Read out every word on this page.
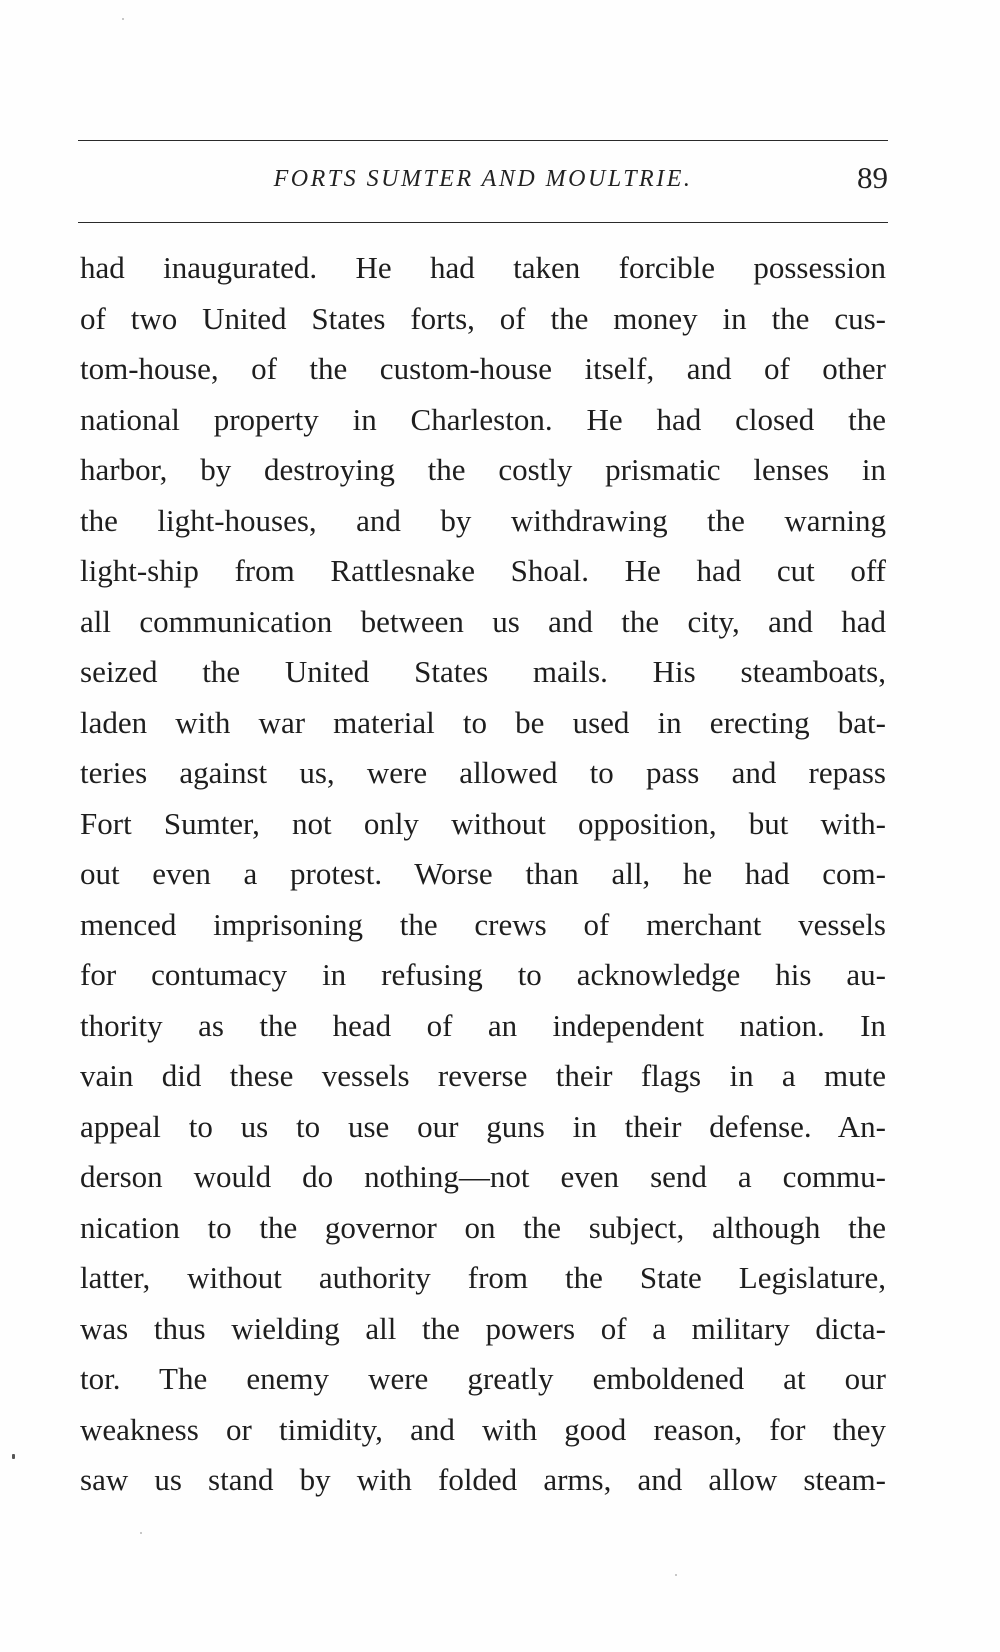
FORTS SUMTER AND MOULTRIE.	89
had inaugurated. He had taken forcible possession
of two United States forts, of the money in the cus-
tom-house, of the custom-house itself, and of other
national property in Charleston. He had closed the
harbor, by destroying the costly prismatic lenses in
the light-houses, and by withdrawing the warning
light-ship from Rattlesnake Shoal. He had cut off
all communication between us and the city, and had
seized the United States mails. His steamboats,
laden with war material to be used in erecting bat-
teries against us, were allowed to pass and repass
Fort Sumter, not only without opposition, but with-
out even a protest. Worse than all, he had com-
menced imprisoning the crews of merchant vessels
for contumacy in refusing to acknowledge his au-
thority as the head of an independent nation. In
vain did these vessels reverse their flags in a mute
appeal to us to use our guns in their defense. An-
derson would do nothing—not even send a commu-
nication to the governor on the subject, although the
latter, without authority from the State Legislature,
was thus wielding all the powers of a military dicta-
tor. The enemy were greatly emboldened at our
weakness or timidity, and with good reason, for they
saw us stand by with folded arms, and allow steam-
